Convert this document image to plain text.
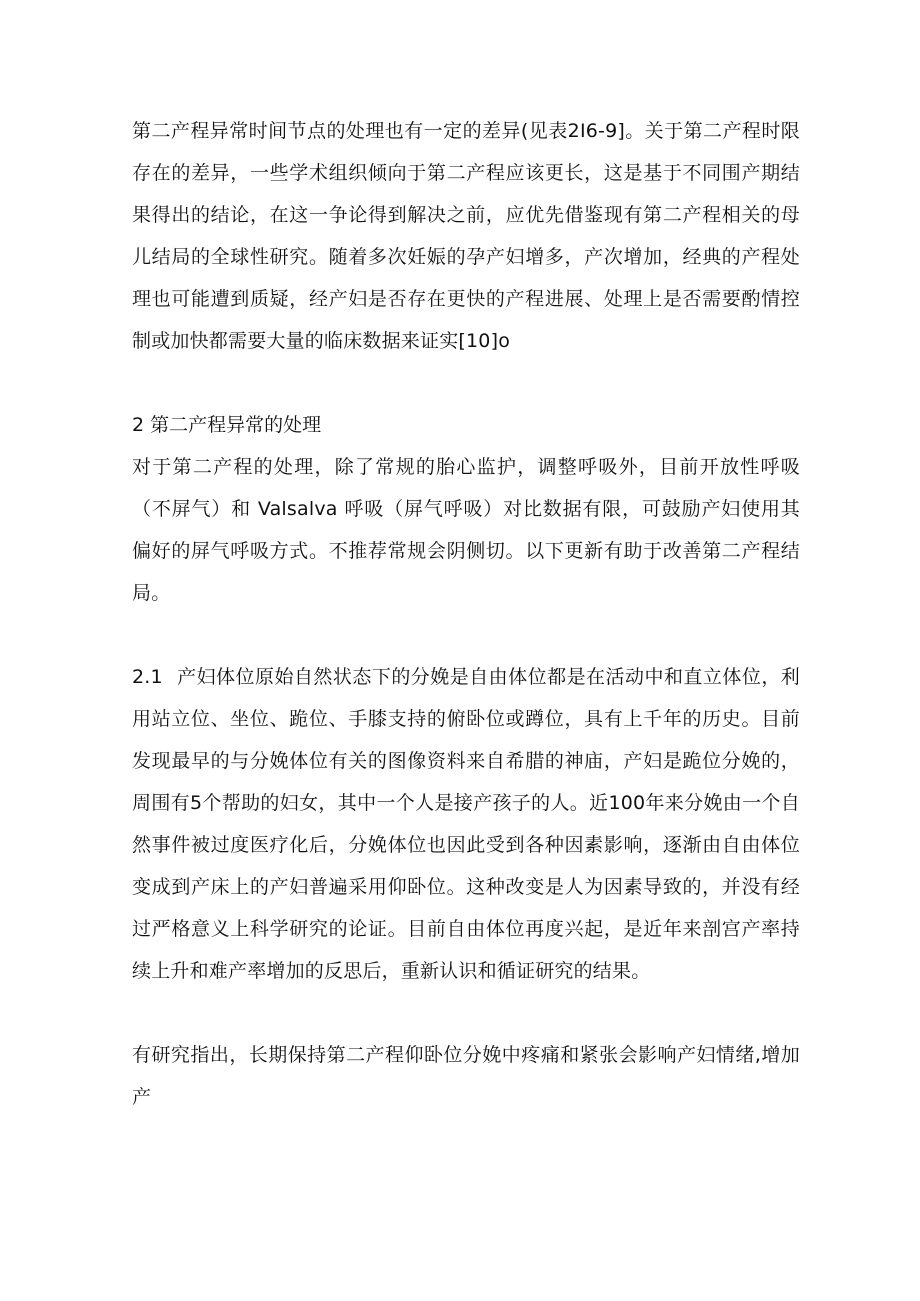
第二产程异常时间节点的处理也有一定的差异(见表2I6-9]。关于第二产程时限存在的差异，一些学术组织倾向于第二产程应该更长，这是基于不同围产期结果得出的结论，在这一争论得到解决之前，应优先借鉴现有第二产程相关的母儿结局的全球性研究。随着多次妊娠的孕产妇增多，产次增加，经典的产程处理也可能遭到质疑，经产妇是否存在更快的产程进展、处理上是否需要酌情控制或加快都需要大量的临床数据来证实[10]o

2 第二产程异常的处理

对于第二产程的处理，除了常规的胎心监护，调整呼吸外，目前开放性呼吸（不屏气）和 Valsalva 呼吸（屏气呼吸）对比数据有限，可鼓励产妇使用其偏好的屏气呼吸方式。不推荐常规会阴侧切。以下更新有助于改善第二产程结局。

2.1 产妇体位原始自然状态下的分娩是自由体位都是在活动中和直立体位，利用站立位、坐位、跪位、手膝支持的俯卧位或蹲位，具有上千年的历史。目前发现最早的与分娩体位有关的图像资料来自希腊的神庙，产妇是跪位分娩的，周围有5个帮助的妇女，其中一个人是接产孩子的人。近100年来分娩由一个自然事件被过度医疗化后，分娩体位也因此受到各种因素影响，逐渐由自由体位变成到产床上的产妇普遍采用仰卧位。这种改变是人为因素导致的，并没有经过严格意义上科学研究的论证。目前自由体位再度兴起，是近年来剖宫产率持续上升和难产率增加的反思后，重新认识和循证研究的结果。

有研究指出，长期保持第二产程仰卧位分娩中疼痛和紧张会影响产妇情绪,增加产
